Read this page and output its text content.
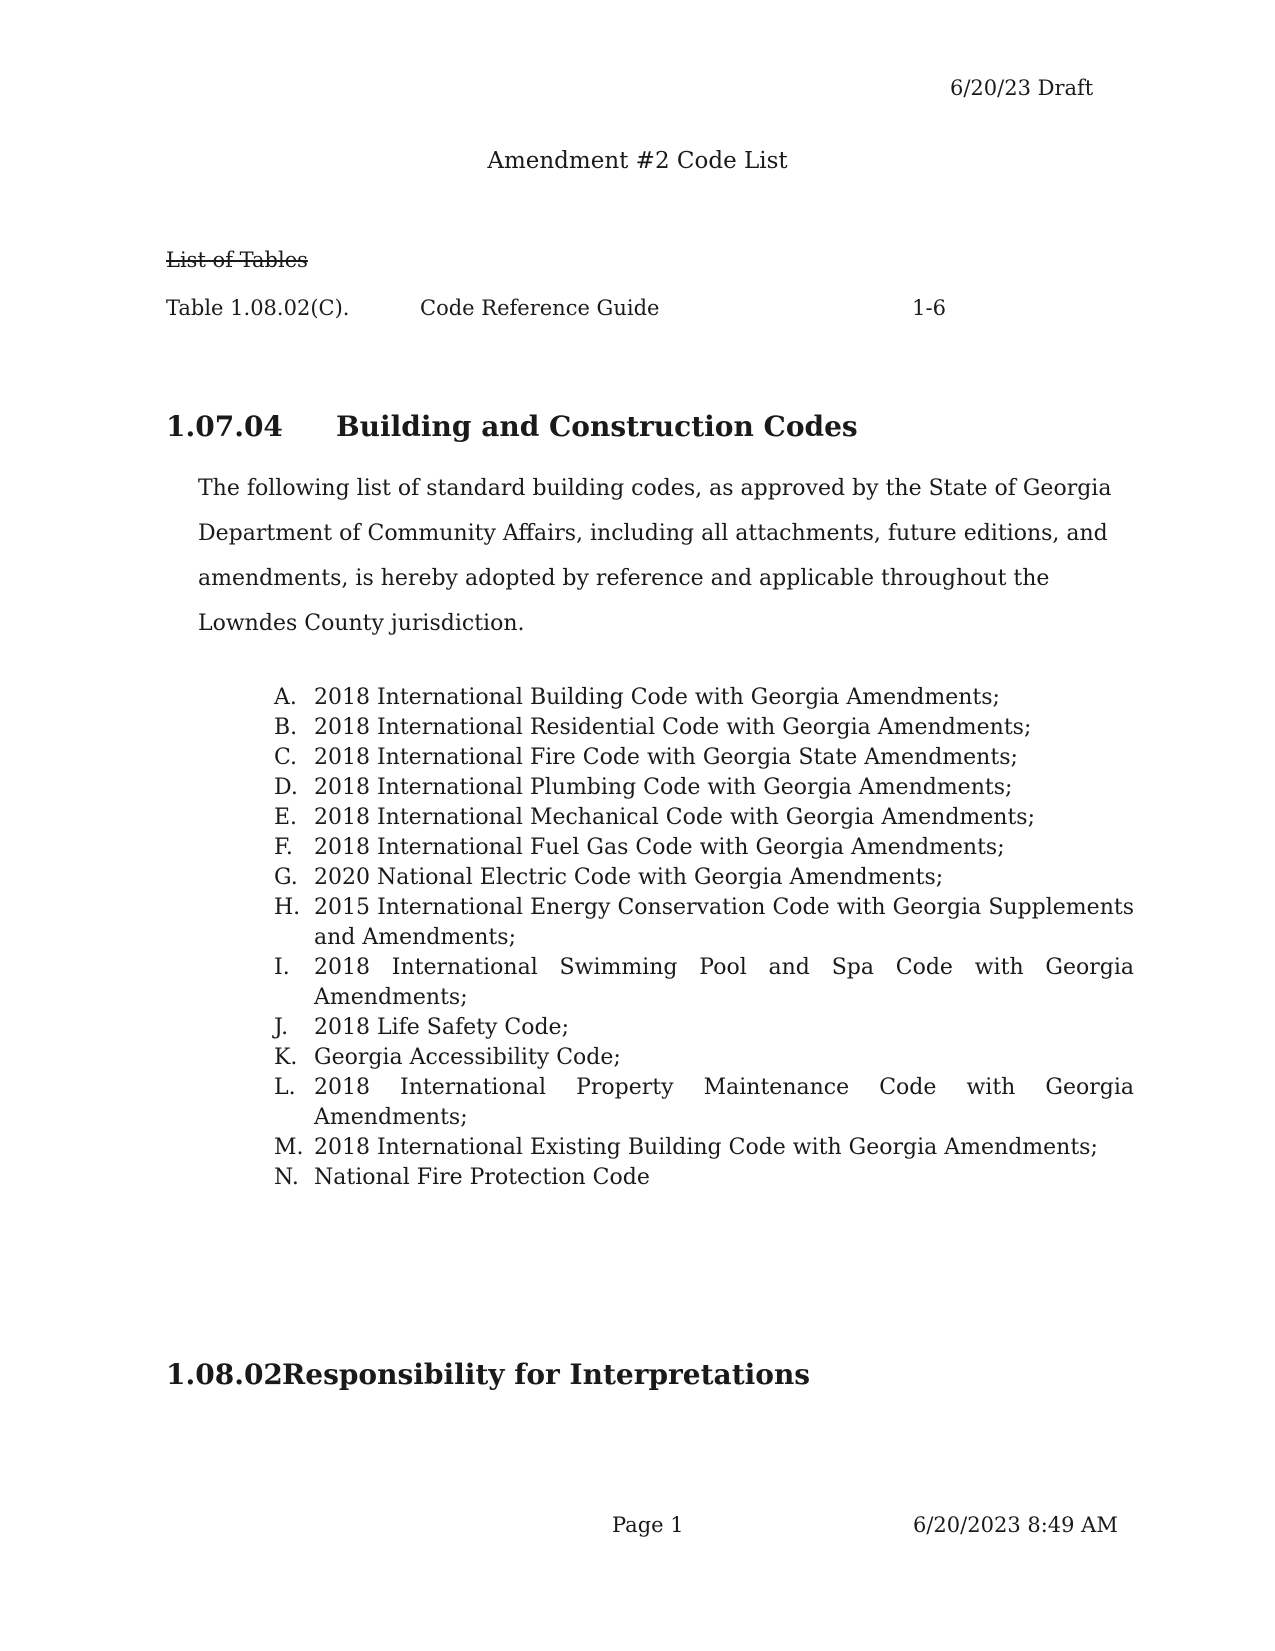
6/20/23 Draft
Amendment #2 Code List
List of Tables
Table 1.08.02(C).	Code Reference Guide	1-6
1.07.04 Building and Construction Codes
The following list of standard building codes, as approved by the State of Georgia Department of Community Affairs, including all attachments, future editions, and amendments, is hereby adopted by reference and applicable throughout the Lowndes County jurisdiction.
A. 2018 International Building Code with Georgia Amendments;
B. 2018 International Residential Code with Georgia Amendments;
C. 2018 International Fire Code with Georgia State Amendments;
D. 2018 International Plumbing Code with Georgia Amendments;
E. 2018 International Mechanical Code with Georgia Amendments;
F. 2018 International Fuel Gas Code with Georgia Amendments;
G. 2020 National Electric Code with Georgia Amendments;
H. 2015 International Energy Conservation Code with Georgia Supplements and Amendments;
I. 2018 International Swimming Pool and Spa Code with Georgia Amendments;
J. 2018 Life Safety Code;
K. Georgia Accessibility Code;
L. 2018 International Property Maintenance Code with Georgia Amendments;
M. 2018 International Existing Building Code with Georgia Amendments;
N. National Fire Protection Code
1.08.02Responsibility for Interpretations
Page 1	6/20/2023 8:49 AM
